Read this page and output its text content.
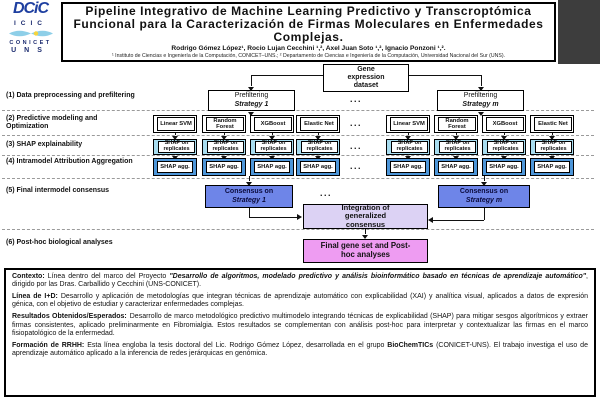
DCiC
ICIC
CONICET
UNS
Pipeline Integrativo de Machine Learning Predictivo y Transcroptómica Funcional para la Caracterización de Firmas Moleculares en Enfermedades Complejas.
Rodrigo Gómez López¹, Rocio Lujan Cecchini ¹,², Axel Juan Soto ¹,², Ignacio Ponzoni ¹,².
¹ Instituto de Ciencias e Ingeniería de la Computación, CONICET–UNS.; ² Departamento de Ciencias e Ingeniería de la Computación, Universidad Nacional del Sur (UNS).
(1) Data preprocessing and prefiltering
(2) Predictive modeling and Optimization
(3) SHAP explainability
(4) Intramodel Attribution Aggregation
(5) Final intermodel consensus
(6) Post-hoc biological analyses
Gene expression dataset
Prefiltering
Strategy 1
Prefiltering
Strategy m
...
Linear SVM
Random Forest
XGBoost	Elastic Net	...	Linear SVM
Random Forest
XGBoost	Elastic Net
SHAP on replicates
SHAP on replicates
SHAP on replicates
SHAP on replicates	...	SHAP on replicates
SHAP on replicates
SHAP on replicates
SHAP on replicates
SHAP agg.	SHAP agg.	SHAP agg.	SHAP agg.	...	SHAP agg.	SHAP agg.	SHAP agg.	SHAP agg.
Consensus on
Strategy 1
...	Consensus on
Strategy m
Integration of generalized consensus
Final gene set and Post-hoc analyses

Contexto: Línea dentro del marco del Proyecto "Desarrollo de algoritmos, modelado predictivo y análisis bioinformático basado en técnicas de aprendizaje automático", dirigido por las Dras. Carballido y Cecchini (UNS-CONICET).

Línea de I+D: Desarrollo y aplicación de metodologías que integran técnicas de aprendizaje automático con explicabilidad (XAI) y analítica visual, aplicados a datos de expresión génica, con el objetivo de estudiar y caracterizar enfermedades complejas.

Resultados Obtenidos/Esperados: Desarrollo de marco metodológico predictivo multimodelo integrando técnicas de explicabilidad (SHAP) para mitigar sesgos algorítmicos y extraer firmas consistentes, aplicado preliminarmente en Fibromialgia. Estos resultados se complementan con análisis post-hoc para interpretar y contextualizar las firmas en el marco fisiopatológico de la enfermedad.

Formación de RRHH: Esta línea engloba la tesis doctoral del Lic. Rodrigo Gómez López, desarrollada en el grupo BioChemTICs (CONICET-UNS). El trabajo investiga el uso de aprendizaje automático aplicado a la inferencia de redes jerárquicas en genómica.
